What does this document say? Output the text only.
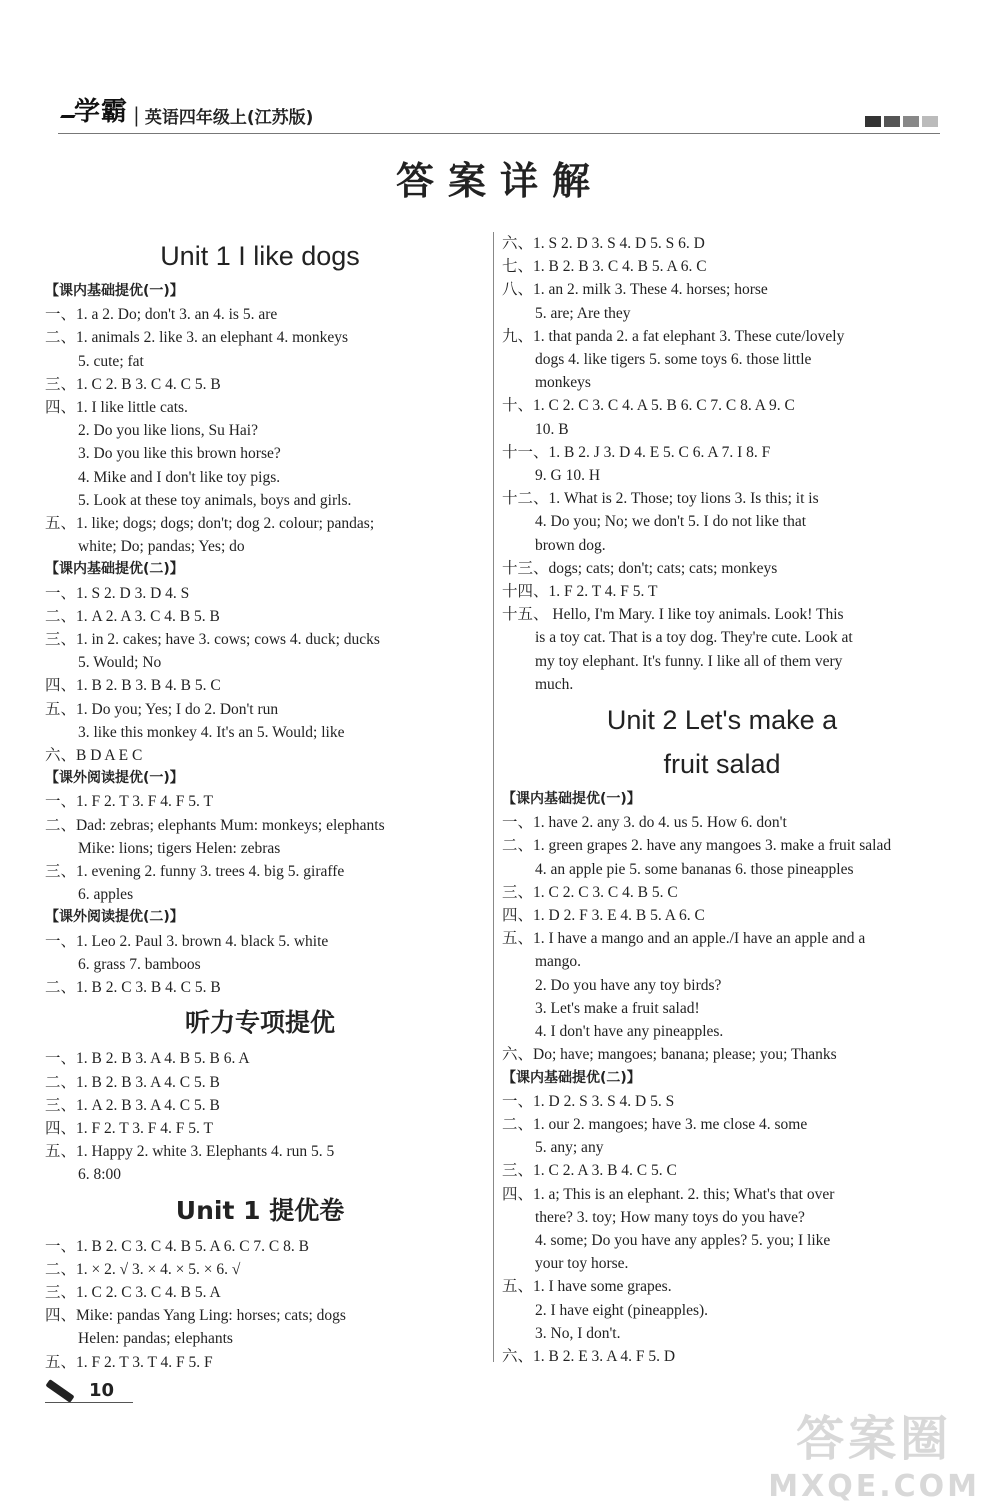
学霸 | 英语四年级上(江苏版)
答案详解
Unit 1 I like dogs
【课内基础提优(一)】
一、1. a 2. Do; don't 3. an 4. is 5. are
二、1. animals 2. like 3. an elephant 4. monkeys
5. cute; fat
三、1. C 2. B 3. C 4. C 5. B
四、1. I like little cats.
2. Do you like lions, Su Hai?
3. Do you like this brown horse?
4. Mike and I don't like toy pigs.
5. Look at these toy animals, boys and girls.
五、1. like; dogs; dogs; don't; dog 2. colour; pandas;
white; Do; pandas; Yes; do
【课内基础提优(二)】
一、1. S 2. D 3. D 4. S
二、1. A 2. A 3. C 4. B 5. B
三、1. in 2. cakes; have 3. cows; cows 4. duck; ducks
5. Would; No
四、1. B 2. B 3. B 4. B 5. C
五、1. Do you; Yes; I do 2. Don't run
3. like this monkey 4. It's an 5. Would; like
六、B D A E C
【课外阅读提优(一)】
一、1. F 2. T 3. F 4. F 5. T
二、Dad: zebras; elephants Mum: monkeys; elephants
Mike: lions; tigers Helen: zebras
三、1. evening 2. funny 3. trees 4. big 5. giraffe
6. apples
【课外阅读提优(二)】
一、1. Leo 2. Paul 3. brown 4. black 5. white
6. grass 7. bamboos
二、1. B 2. C 3. B 4. C 5. B
听力专项提优
一、1. B 2. B 3. A 4. B 5. B 6. A
二、1. B 2. B 3. A 4. C 5. B
三、1. A 2. B 3. A 4. C 5. B
四、1. F 2. T 3. F 4. F 5. T
五、1. Happy 2. white 3. Elephants 4. run 5. 5
6. 8:00
Unit 1 提优卷
一、1. B 2. C 3. C 4. B 5. A 6. C 7. C 8. B
二、1. × 2. √ 3. × 4. × 5. × 6. √
三、1. C 2. C 3. C 4. B 5. A
四、Mike: pandas Yang Ling: horses; cats; dogs
Helen: pandas; elephants
五、1. F 2. T 3. T 4. F 5. F
六、1. S 2. D 3. S 4. D 5. S 6. D
七、1. B 2. B 3. C 4. B 5. A 6. C
八、1. an 2. milk 3. These 4. horses; horse
5. are; Are they
九、1. that panda 2. a fat elephant 3. These cute/lovely
dogs 4. like tigers 5. some toys 6. those little
monkeys
十、1. C 2. C 3. C 4. A 5. B 6. C 7. C 8. A 9. C
10. B
十一、1. B 2. J 3. D 4. E 5. C 6. A 7. I 8. F
9. G 10. H
十二、1. What is 2. Those; toy lions 3. Is this; it is
4. Do you; No; we don't 5. I do not like that
brown dog.
十三、dogs; cats; don't; cats; cats; monkeys
十四、1. F 2. T 4. F 5. T
十五、 Hello, I'm Mary. I like toy animals. Look! This
is a toy cat. That is a toy dog. They're cute. Look at
my toy elephant. It's funny. I like all of them very
much.
Unit 2 Let's make a
fruit salad
【课内基础提优(一)】
一、1. have 2. any 3. do 4. us 5. How 6. don't
二、1. green grapes 2. have any mangoes 3. make a fruit salad
4. an apple pie 5. some bananas 6. those pineapples
三、1. C 2. C 3. C 4. B 5. C
四、1. D 2. F 3. E 4. B 5. A 6. C
五、1. I have a mango and an apple./I have an apple and a
mango.
2. Do you have any toy birds?
3. Let's make a fruit salad!
4. I don't have any pineapples.
六、Do; have; mangoes; banana; please; you; Thanks
【课内基础提优(二)】
一、1. D 2. S 3. S 4. D 5. S
二、1. our 2. mangoes; have 3. me close 4. some
5. any; any
三、1. C 2. A 3. B 4. C 5. C
四、1. a; This is an elephant. 2. this; What's that over
there? 3. toy; How many toys do you have?
4. some; Do you have any apples? 5. you; I like
your toy horse.
五、1. I have some grapes.
2. I have eight (pineapples).
3. No, I don't.
六、1. B 2. E 3. A 4. F 5. D
10
答案圈
MXQE.COM
